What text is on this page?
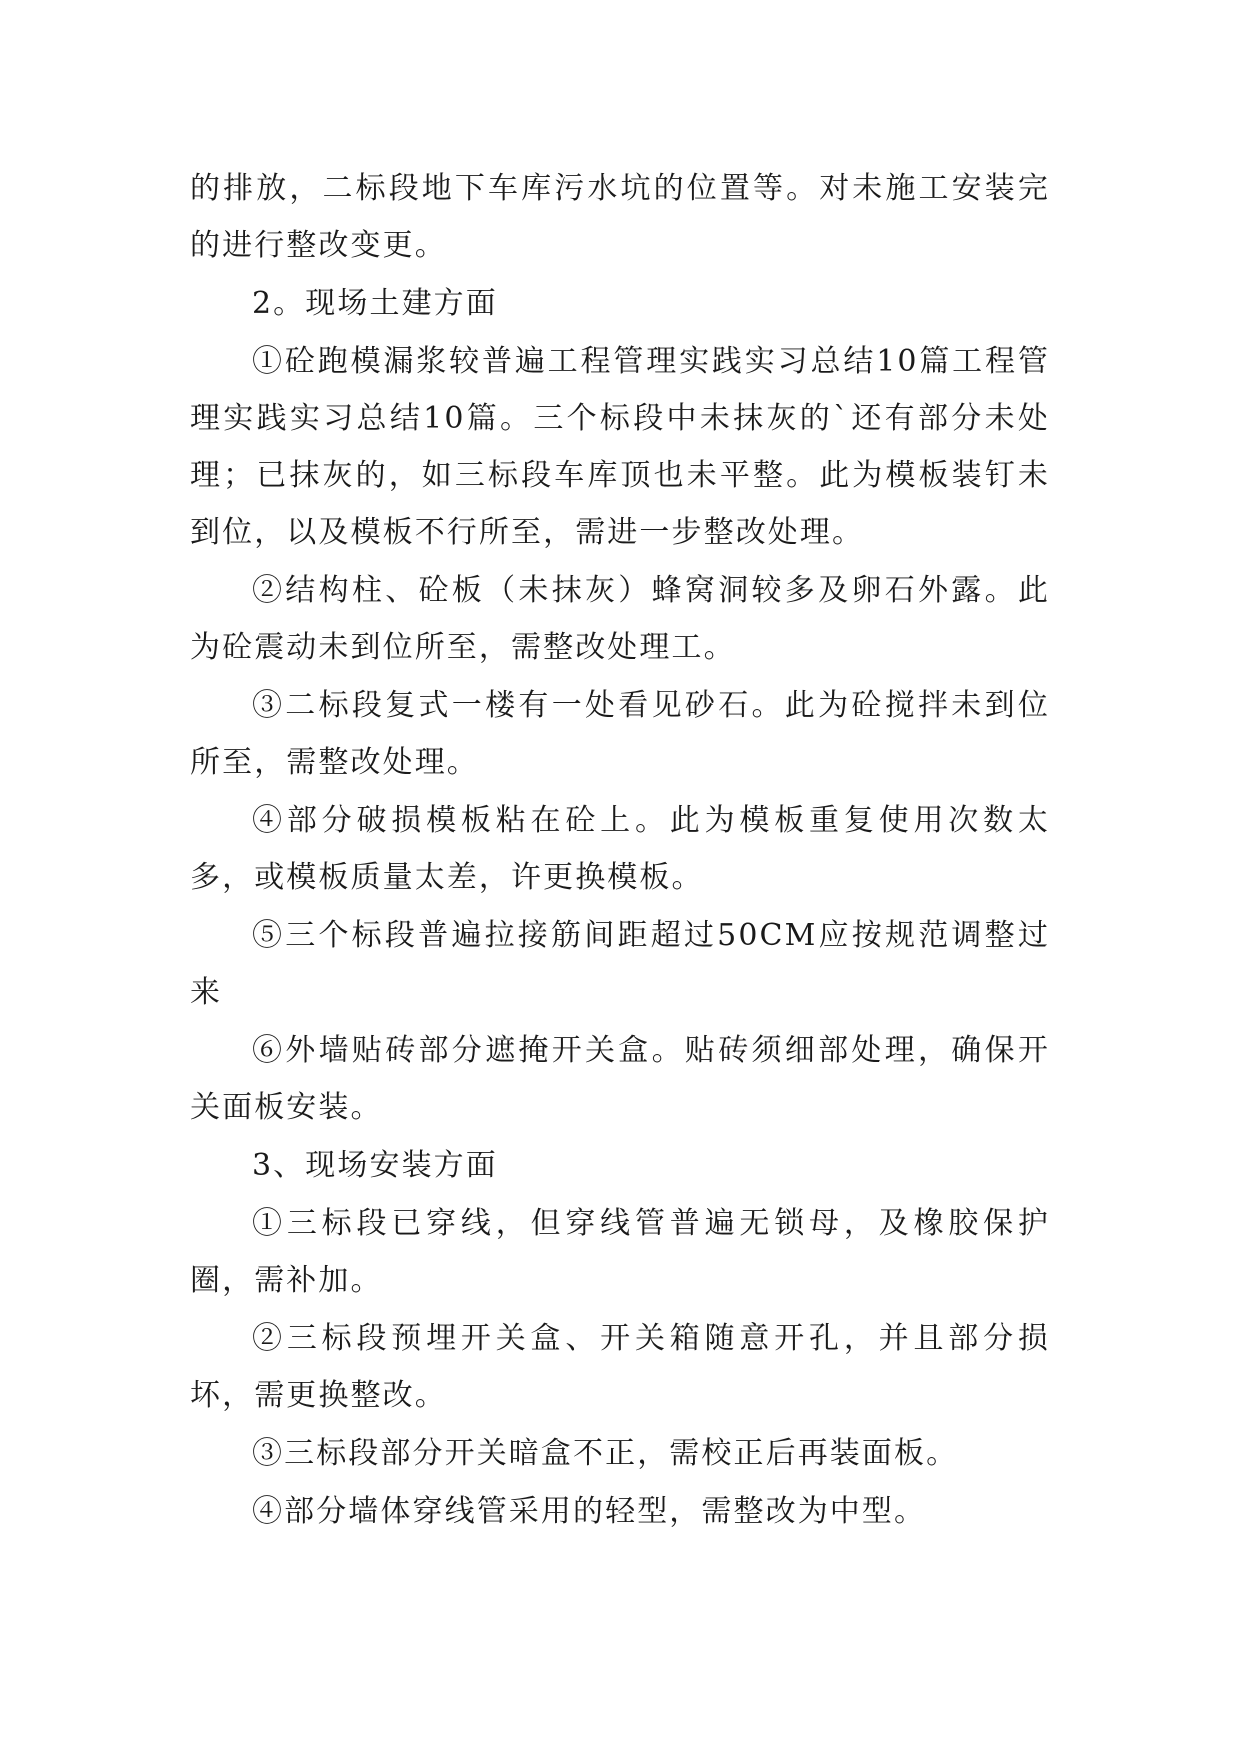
的排放，二标段地下车库污水坑的位置等。对未施工安装完的进行整改变更。

2。现场土建方面

①砼跑模漏浆较普遍工程管理实践实习总结10篇工程管理实践实习总结10篇。三个标段中未抹灰的`还有部分未处理；已抹灰的，如三标段车库顶也未平整。此为模板装钉未到位，以及模板不行所至，需进一步整改处理。

②结构柱、砼板（未抹灰）蜂窝洞较多及卵石外露。此为砼震动未到位所至，需整改处理工。

③二标段复式一楼有一处看见砂石。此为砼搅拌未到位所至，需整改处理。

④部分破损模板粘在砼上。此为模板重复使用次数太多，或模板质量太差，许更换模板。

⑤三个标段普遍拉接筋间距超过50CM应按规范调整过来

⑥外墙贴砖部分遮掩开关盒。贴砖须细部处理，确保开关面板安装。

3、现场安装方面

①三标段已穿线，但穿线管普遍无锁母，及橡胶保护圈，需补加。

②三标段预埋开关盒、开关箱随意开孔，并且部分损坏，需更换整改。

③三标段部分开关暗盒不正，需校正后再装面板。

④部分墙体穿线管采用的轻型，需整改为中型。
